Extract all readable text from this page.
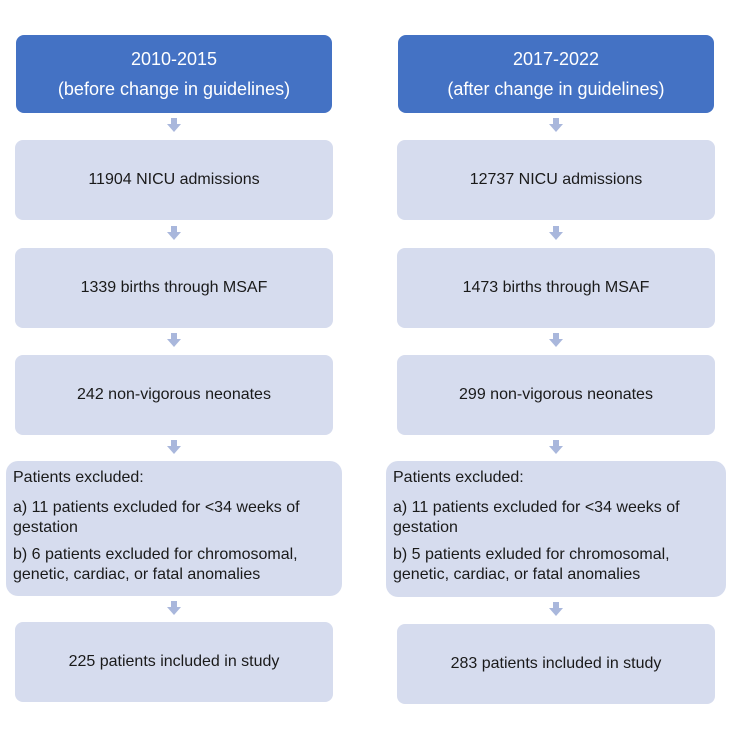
2010-2015
(before change in guidelines)
11904 NICU admissions
1339 births through MSAF
242 non-vigorous neonates

Patients excluded:

a) 11 patients excluded for <34 weeks of gestation

b) 6 patients excluded for chromosomal, genetic, cardiac, or fatal anomalies

225 patients included in study
2017-2022
(after change in guidelines)
12737 NICU admissions
1473 births through MSAF
299 non-vigorous neonates

Patients excluded:

a) 11 patients excluded for <34 weeks of gestation

b) 5 patients exluded for chromosomal, genetic, cardiac, or fatal anomalies

283 patients included in study
